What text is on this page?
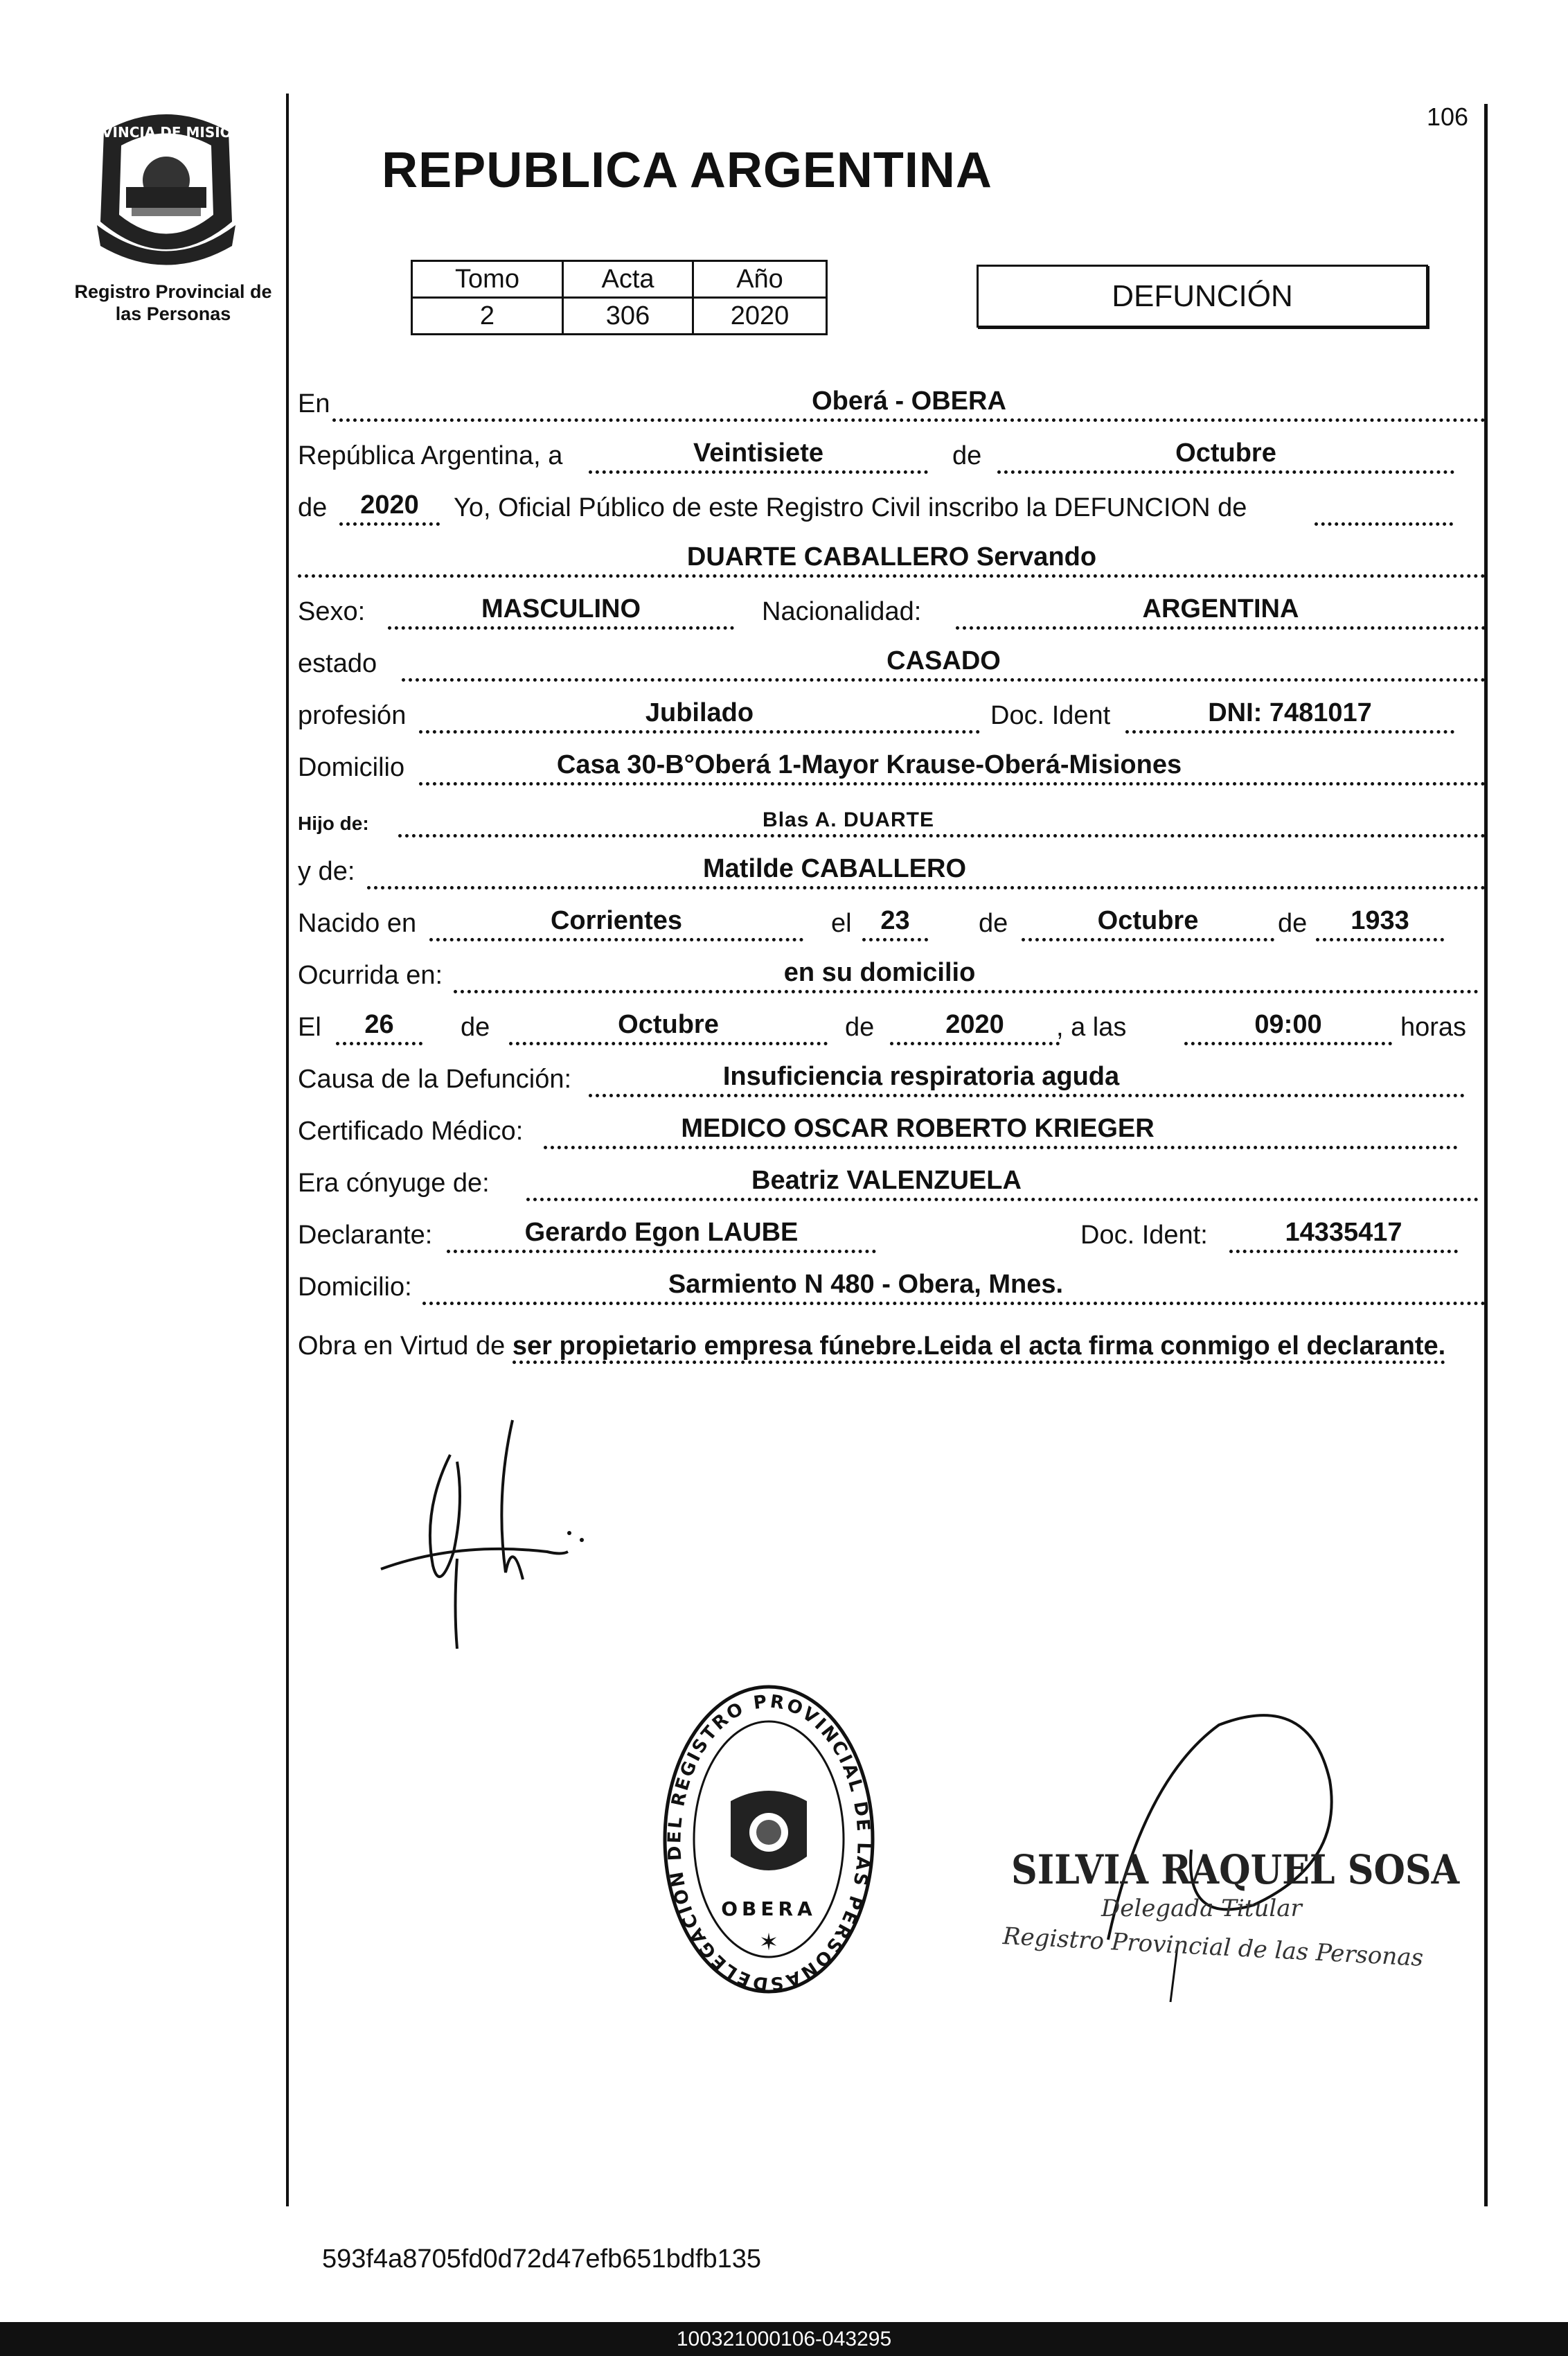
PROVINCIA DE MISIONES
Registro Provincial de
las Personas
106
REPUBLICA ARGENTINA
Tomo	Acta	Año
2	306	2020
DEFUNCIÓN
En	Oberá - OBERA
República Argentina, a	Veintisiete	de	Octubre
de	2020	Yo, Oficial Público de este Registro Civil inscribo la DEFUNCION de
DUARTE CABALLERO Servando
Sexo:	MASCULINO	Nacionalidad:	ARGENTINA
estado	CASADO
profesión	Jubilado	Doc. Ident	DNI: 7481017
Domicilio	Casa 30-B°Oberá 1-Mayor Krause-Oberá-Misiones
Hijo de:	Blas A. DUARTE
y de:	Matilde CABALLERO
Nacido en	Corrientes	el	23	de	Octubre	de	1933
Ocurrida en:	en su domicilio
El	26	de	Octubre	de	2020	, a las	09:00	horas
Causa de la Defunción:	Insuficiencia respiratoria aguda
Certificado Médico:	MEDICO OSCAR ROBERTO KRIEGER
Era cónyuge de:	Beatriz VALENZUELA
Declarante:	Gerardo Egon LAUBE	Doc. Ident:	14335417
Domicilio:	Sarmiento N 480 - Obera, Mnes.
Obra en Virtud de ser propietario empresa fúnebre.Leida el acta firma conmigo el declarante.
DELEGACION DEL REGISTRO PROVINCIAL DE LAS PERSONAS
OBERA
✶
SILVIA RAQUEL SOSA
Delegada Titular
Registro Provincial de las Personas
593f4a8705fd0d72d47efb651bdfb135
100321000106-043295
